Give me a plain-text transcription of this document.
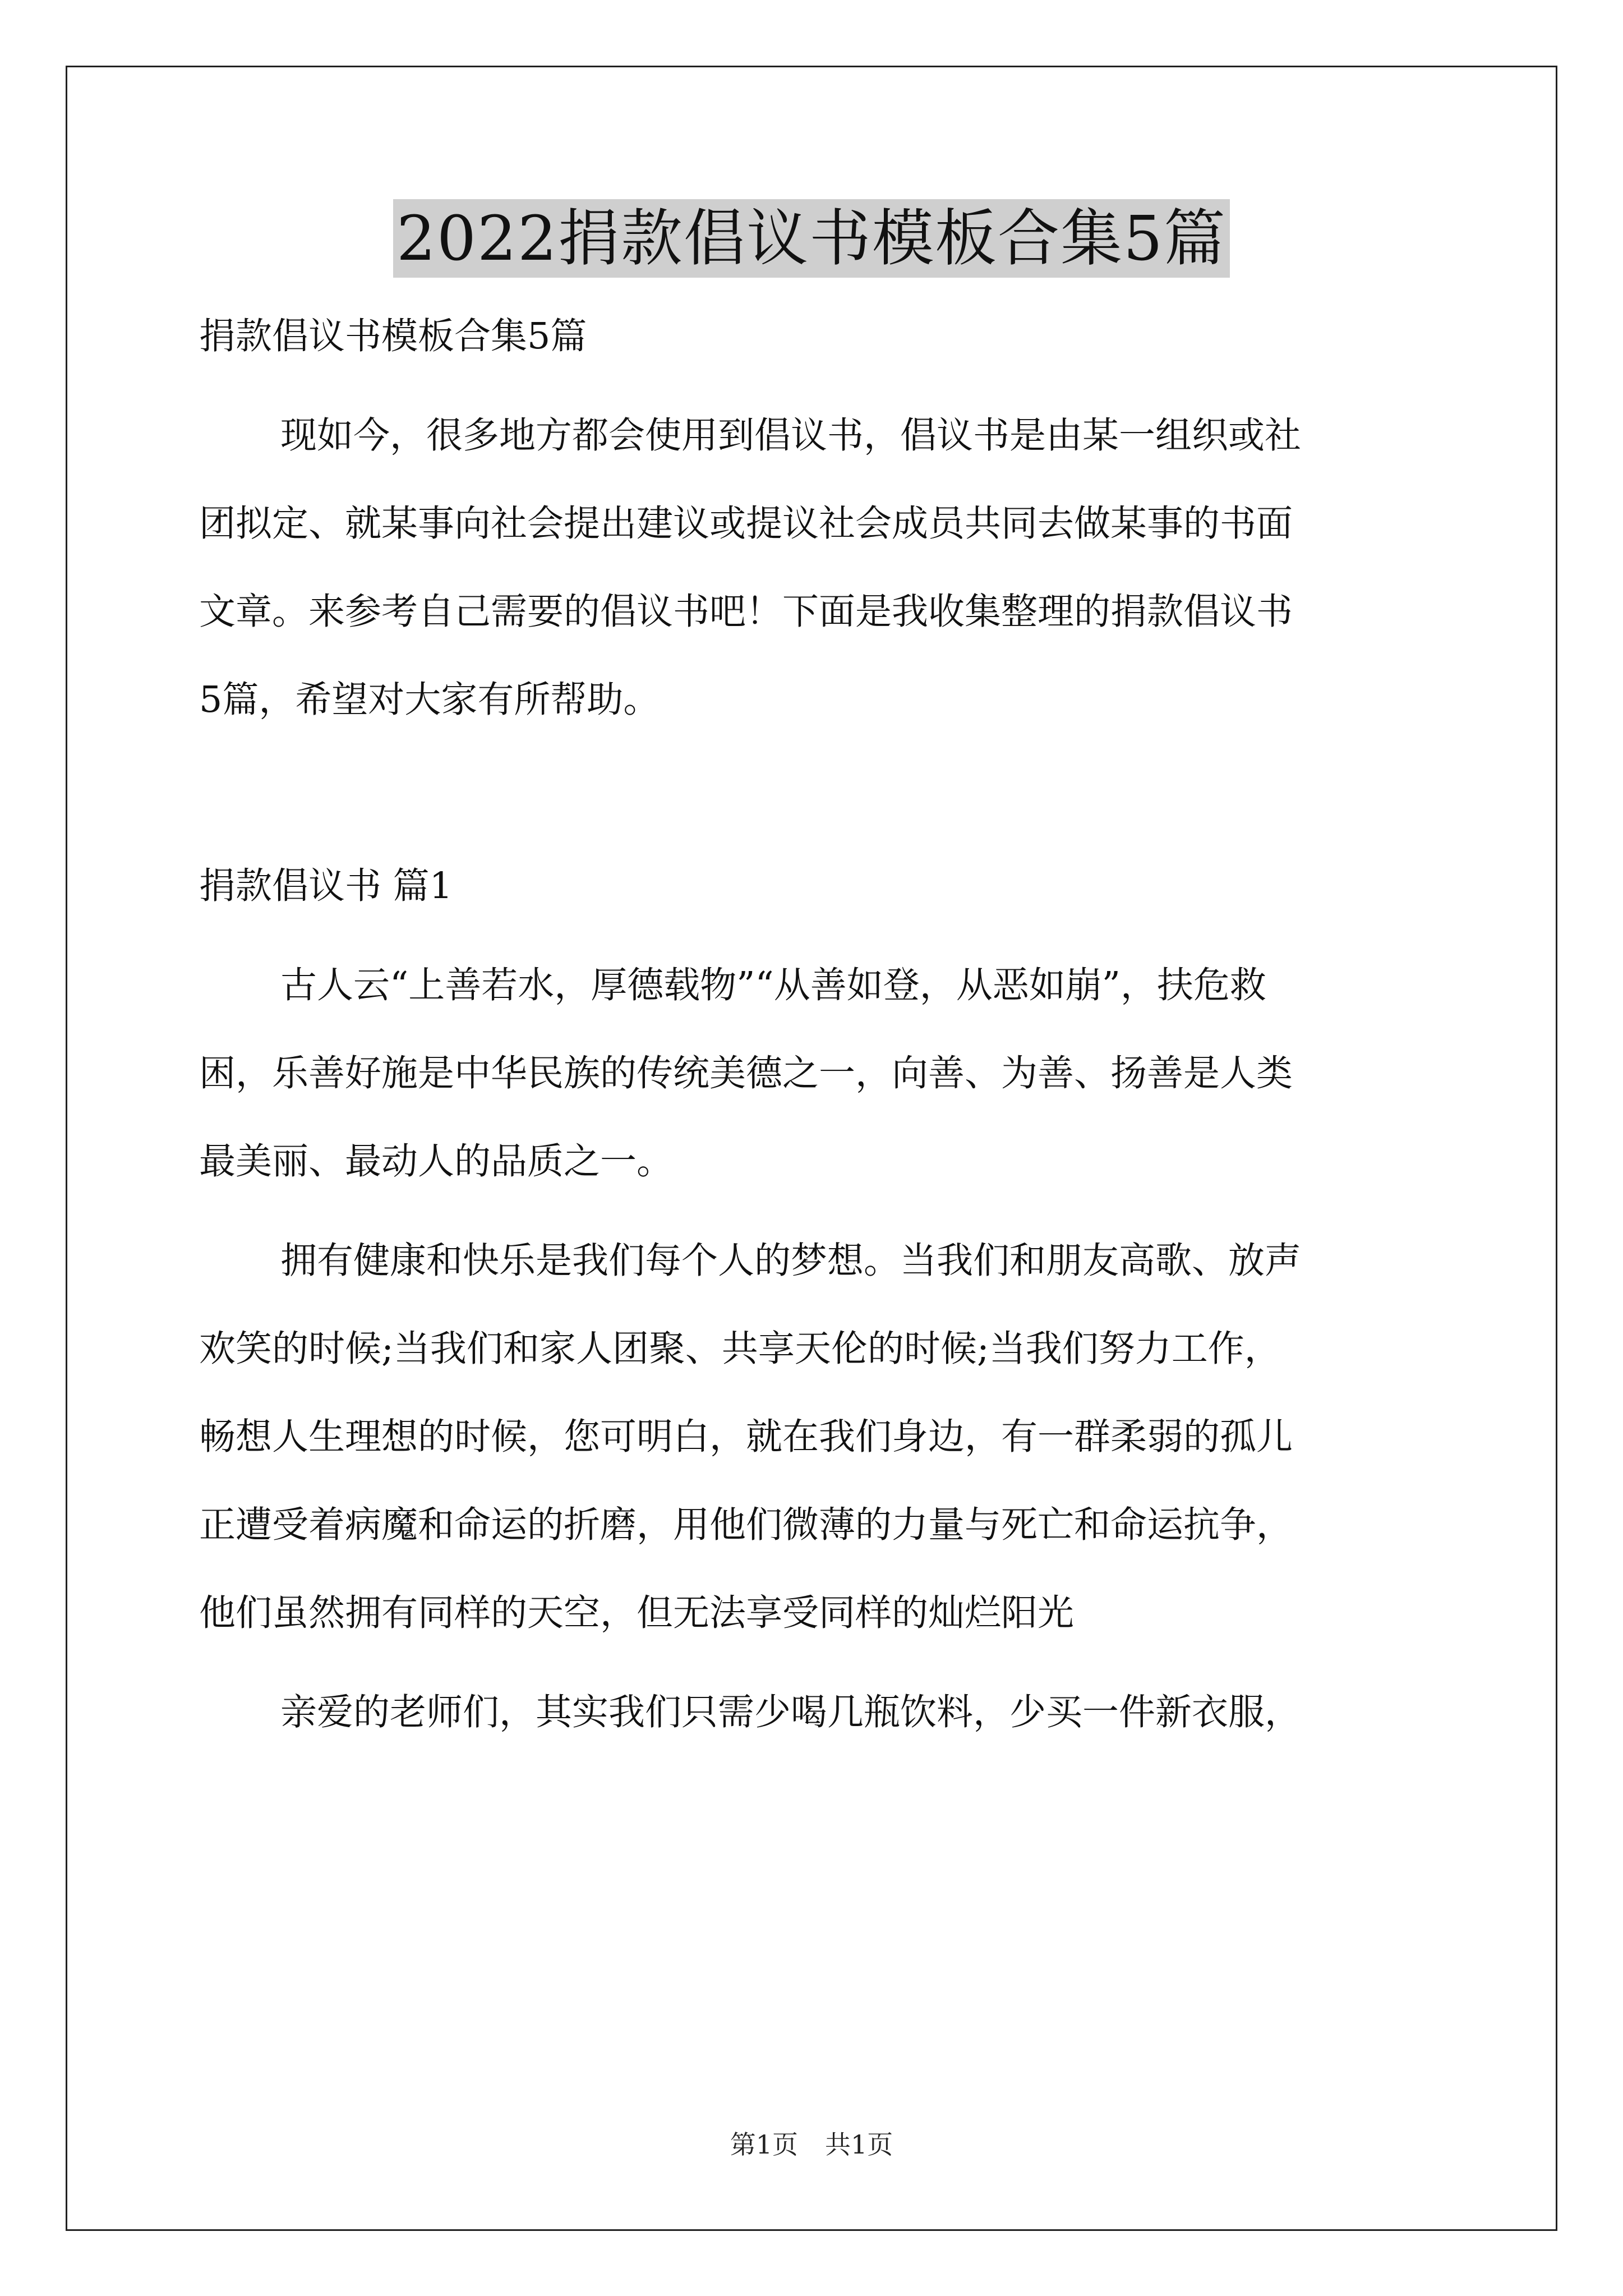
2022捐款倡议书模板合集5篇
捐款倡议书模板合集5篇
现如今，很多地方都会使用到倡议书，倡议书是由某一组织或社
团拟定、就某事向社会提出建议或提议社会成员共同去做某事的书面
文章。来参考自己需要的倡议书吧！下面是我收集整理的捐款倡议书
5篇，希望对大家有所帮助。
捐款倡议书 篇1
古人云“上善若水，厚德载物”“从善如登，从恶如崩”，扶危救
困，乐善好施是中华民族的传统美德之一，向善、为善、扬善是人类
最美丽、最动人的品质之一。
拥有健康和快乐是我们每个人的梦想。当我们和朋友高歌、放声
欢笑的时候;当我们和家人团聚、共享天伦的时候;当我们努力工作，
畅想人生理想的时候，您可明白，就在我们身边，有一群柔弱的孤儿
正遭受着病魔和命运的折磨，用他们微薄的力量与死亡和命运抗争，
他们虽然拥有同样的天空，但无法享受同样的灿烂阳光
亲爱的老师们，其实我们只需少喝几瓶饮料，少买一件新衣服，
第1页 共1页
